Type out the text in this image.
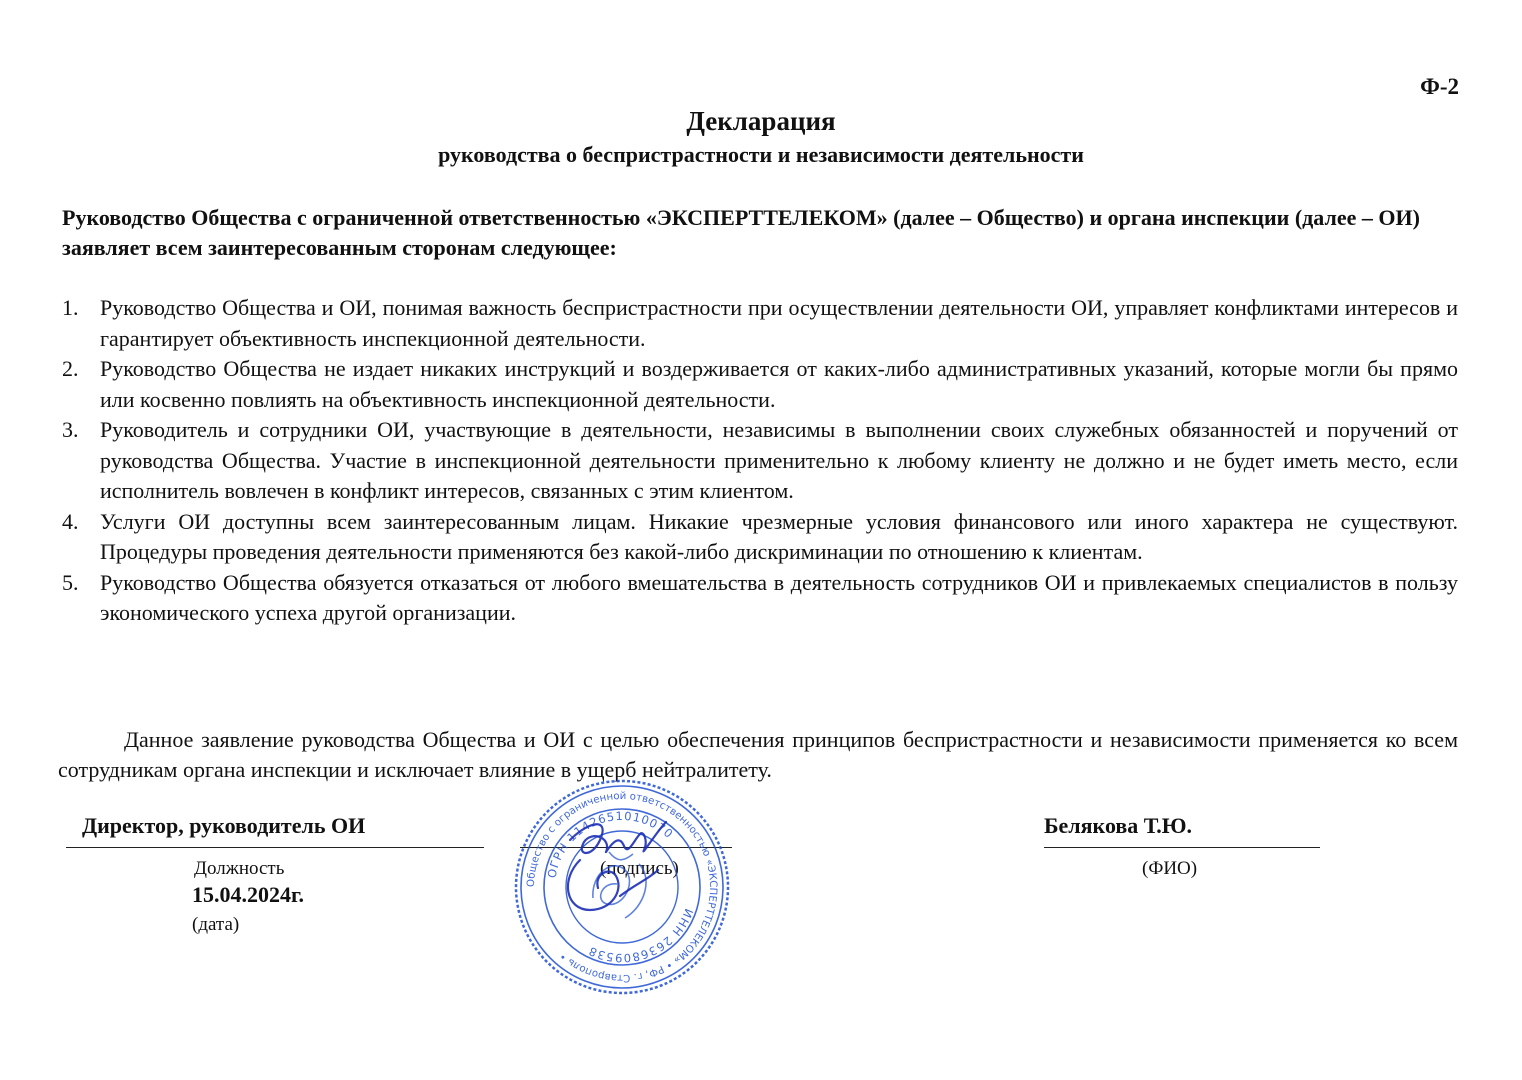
Ф-2
Декларация
руководства о беспристрастности и независимости деятельности
Руководство Общества с ограниченной ответственностью «ЭКСПЕРТТЕЛЕКОМ» (далее – Общество) и органа инспекции (далее – ОИ) заявляет всем заинтересованным сторонам следующее:
1. Руководство Общества и ОИ, понимая важность беспристрастности при осуществлении деятельности ОИ, управляет конфликтами интересов и гарантирует объективность инспекционной деятельности.
2. Руководство Общества не издает никаких инструкций и воздерживается от каких-либо административных указаний, которые могли бы прямо или косвенно повлиять на объективность инспекционной деятельности.
3. Руководитель и сотрудники ОИ, участвующие в деятельности, независимы в выполнении своих служебных обязанностей и поручений от руководства Общества. Участие в инспекционной деятельности применительно к любому клиенту не должно и не будет иметь место, если исполнитель вовлечен в конфликт интересов, связанных с этим клиентом.
4. Услуги ОИ доступны всем заинтересованным лицам. Никакие чрезмерные условия финансового или иного характера не существуют. Процедуры проведения деятельности применяются без какой-либо дискриминации по отношению к клиентам.
5. Руководство Общества обязуется отказаться от любого вмешательства в деятельность сотрудников ОИ и привлекаемых специалистов в пользу экономического успеха другой организации.
Данное заявление руководства Общества и ОИ с целью обеспечения принципов беспристрастности и независимости применяется ко всем сотрудникам органа инспекции и исключает влияние в ущерб нейтралитету.
Директор, руководитель ОИ
Должность
15.04.2024г.
(дата)
(подпись)
Белякова Т.Ю.
(ФИО)
Общество с ограниченной ответственностью «ЭКСПЕРТТЕЛЕКОМ» • РФ, г. Ставрополь •
ОГРН 1142651010070
ИНН 2636809538
